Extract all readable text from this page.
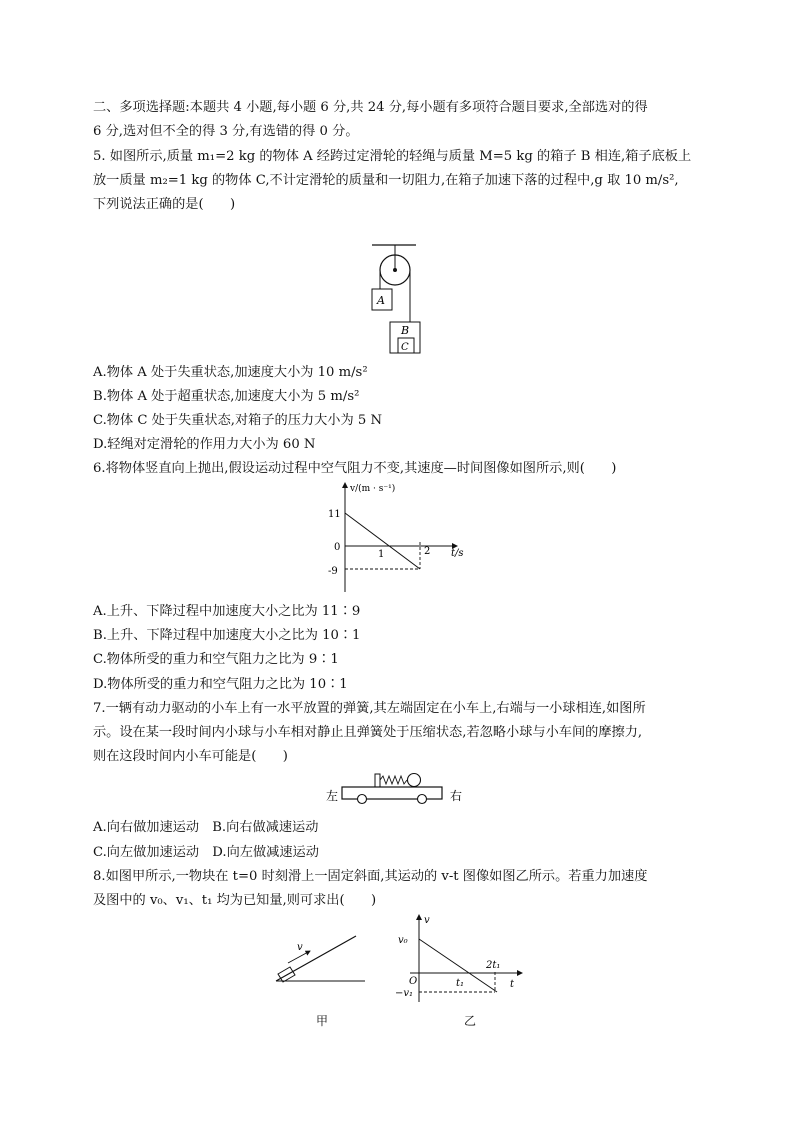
二、多项选择题:本题共 4 小题,每小题 6 分,共 24 分,每小题有多项符合题目要求,全部选对的得
6 分,选对但不全的得 3 分,有选错的得 0 分。
5. 如图所示,质量 m₁=2 kg 的物体 A 经跨过定滑轮的轻绳与质量 M=5 kg 的箱子 B 相连,箱子底板上
放一质量 m₂=1 kg 的物体 C,不计定滑轮的质量和一切阻力,在箱子加速下落的过程中,g 取 10 m/s²,
下列说法正确的是(　　)
A
B
C
A.物体 A 处于失重状态,加速度大小为 10 m/s²
B.物体 A 处于超重状态,加速度大小为 5 m/s²
C.物体 C 处于失重状态,对箱子的压力大小为 5 N
D.轻绳对定滑轮的作用力大小为 60 N
6.将物体竖直向上抛出,假设运动过程中空气阻力不变,其速度—时间图像如图所示,则(　　)
v/(m · s⁻¹)
t/s
11
0
-9
1	2
A.上升、下降过程中加速度大小之比为 11∶9
B.上升、下降过程中加速度大小之比为 10∶1
C.物体所受的重力和空气阻力之比为 9∶1
D.物体所受的重力和空气阻力之比为 10∶1
7.一辆有动力驱动的小车上有一水平放置的弹簧,其左端固定在小车上,右端与一小球相连,如图所
示。设在某一段时间内小球与小车相对静止且弹簧处于压缩状态,若忽略小球与小车间的摩擦力,
则在这段时间内小车可能是(　　)
左	右
A.向右做加速运动　B.向右做减速运动
C.向左做加速运动　D.向左做减速运动
8.如图甲所示,一物块在 t=0 时刻滑上一固定斜面,其运动的 v-t 图像如图乙所示。若重力加速度
及图中的 v₀、v₁、t₁ 均为已知量,则可求出(　　)
v
甲
v
t
O
v₀
−v₁
t₁
2t₁
乙
